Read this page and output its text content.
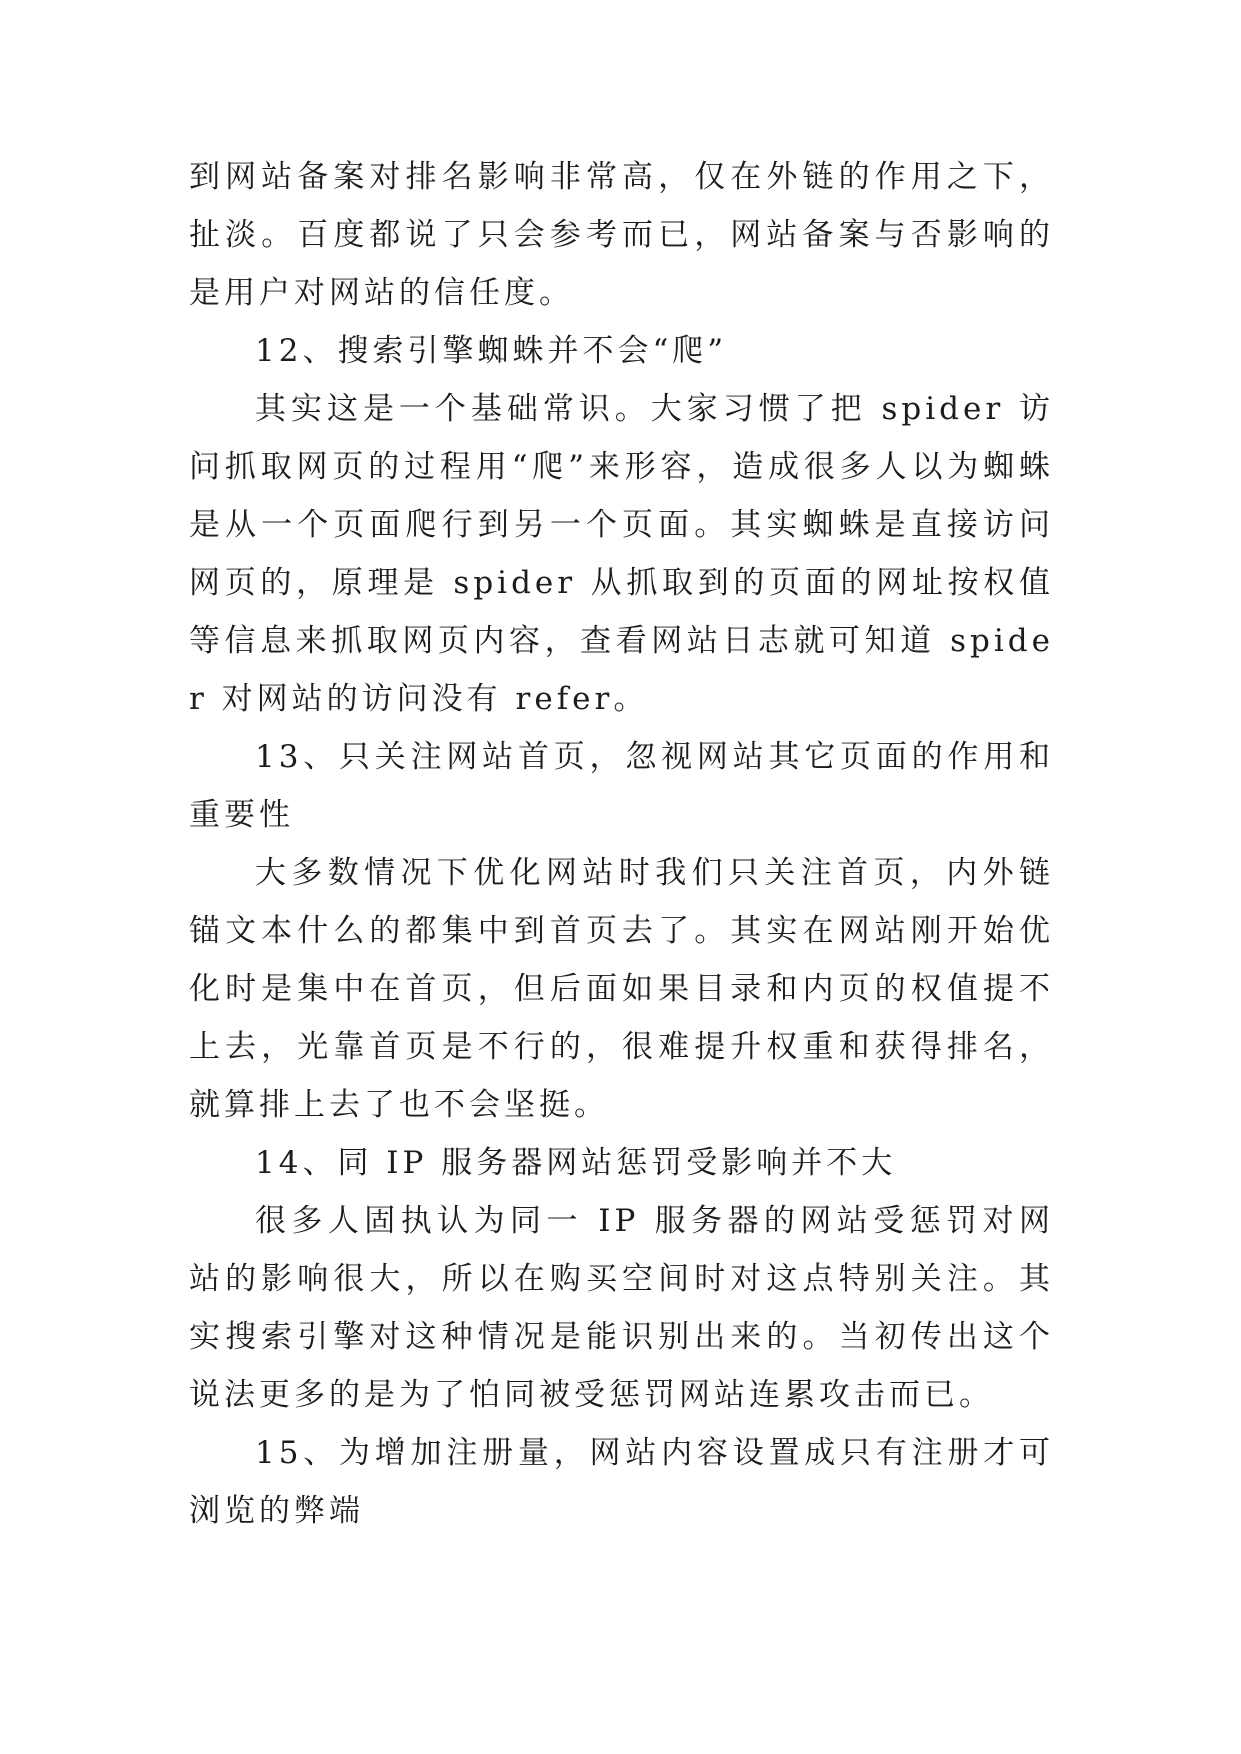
到网站备案对排名影响非常高，仅在外链的作用之下，扯淡。百度都说了只会参考而已，网站备案与否影响的是用户对网站的信任度。

12、搜索引擎蜘蛛并不会“爬”

其实这是一个基础常识。大家习惯了把 spider 访问抓取网页的过程用“爬”来形容，造成很多人以为蜘蛛是从一个页面爬行到另一个页面。其实蜘蛛是直接访问网页的，原理是 spider 从抓取到的页面的网址按权值等信息来抓取网页内容，查看网站日志就可知道 spider 对网站的访问没有 refer。

13、只关注网站首页，忽视网站其它页面的作用和重要性

大多数情况下优化网站时我们只关注首页，内外链锚文本什么的都集中到首页去了。其实在网站刚开始优化时是集中在首页，但后面如果目录和内页的权值提不上去，光靠首页是不行的，很难提升权重和获得排名，就算排上去了也不会坚挺。

14、同 IP 服务器网站惩罚受影响并不大

很多人固执认为同一 IP 服务器的网站受惩罚对网站的影响很大，所以在购买空间时对这点特别关注。其实搜索引擎对这种情况是能识别出来的。当初传出这个说法更多的是为了怕同被受惩罚网站连累攻击而已。

15、为增加注册量，网站内容设置成只有注册才可浏览的弊端
